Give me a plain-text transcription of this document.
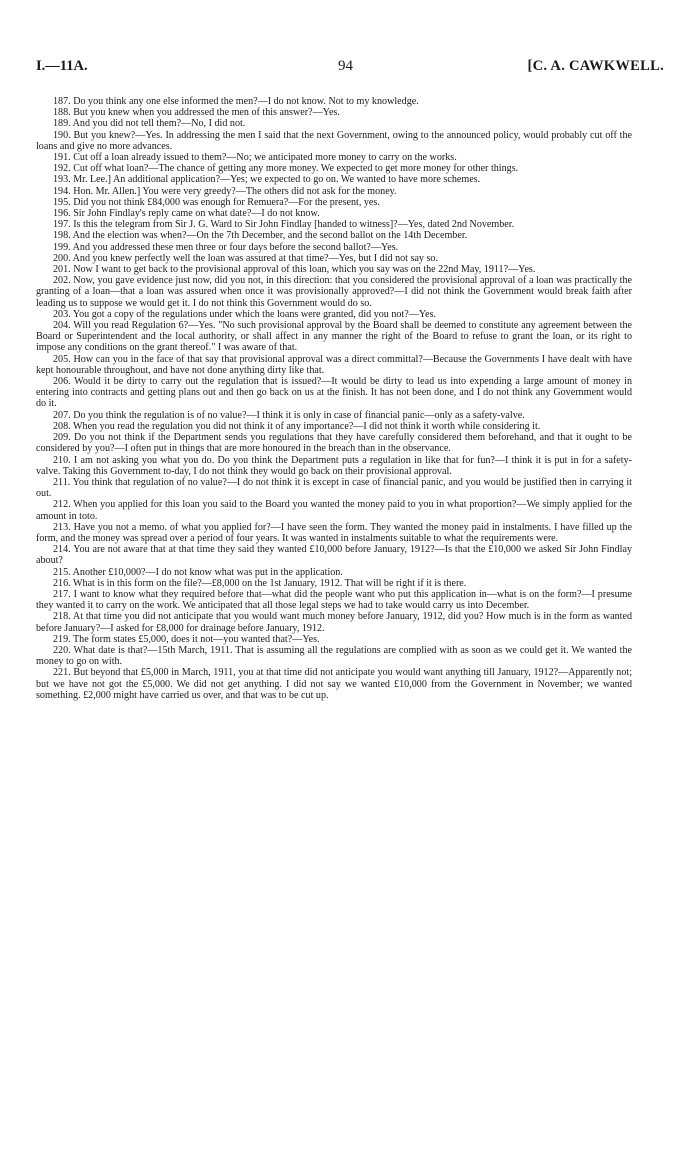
I.—11A.	94	[C. A. CAWKWELL.

187. Do you think any one else informed the men?—I do not know. Not to my knowledge.

188. But you knew when you addressed the men of this answer?—Yes.

189. And you did not tell them?—No, I did not.

190. But you knew?—Yes. In addressing the men I said that the next Government, owing to the announced policy, would probably cut off the loans and give no more advances.

191. Cut off a loan already issued to them?—No; we anticipated more money to carry on the works.

192. Cut off what loan?—The chance of getting any more money. We expected to get more money for other things.

193. Mr. Lee.] An additional application?—Yes; we expected to go on. We wanted to have more schemes.

194. Hon. Mr. Allen.] You were very greedy?—The others did not ask for the money.

195. Did you not think £84,000 was enough for Remuera?—For the present, yes.

196. Sir John Findlay's reply came on what date?—I do not know.

197. Is this the telegram from Sir J. G. Ward to Sir John Findlay [handed to witness]?—Yes, dated 2nd November.

198. And the election was when?—On the 7th December, and the second ballot on the 14th December.

199. And you addressed these men three or four days before the second ballot?—Yes.

200. And you knew perfectly well the loan was assured at that time?—Yes, but I did not say so.

201. Now I want to get back to the provisional approval of this loan, which you say was on the 22nd May, 1911?—Yes.

202. Now, you gave evidence just now, did you not, in this direction: that you considered the provisional approval of a loan was practically the granting of a loan—that a loan was assured when once it was provisionally approved?—I did not think the Government would break faith after leading us to suppose we would get it. I do not think this Government would do so.

203. You got a copy of the regulations under which the loans were granted, did you not?—Yes.

204. Will you read Regulation 6?—Yes. "No such provisional approval by the Board shall be deemed to constitute any agreement between the Board or Superintendent and the local authority, or shall affect in any manner the right of the Board to refuse to grant the loan, or its right to impose any conditions on the grant thereof." I was aware of that.

205. How can you in the face of that say that provisional approval was a direct committal?—Because the Governments I have dealt with have kept honourable throughout, and have not done anything dirty like that.

206. Would it be dirty to carry out the regulation that is issued?—It would be dirty to lead us into expending a large amount of money in entering into contracts and getting plans out and then go back on us at the finish. It has not been done, and I do not think any Government would do it.

207. Do you think the regulation is of no value?—I think it is only in case of financial panic—only as a safety-valve.

208. When you read the regulation you did not think it of any importance?—I did not think it worth while considering it.

209. Do you not think if the Department sends you regulations that they have carefully considered them beforehand, and that it ought to be considered by you?—I often put in things that are more honoured in the breach than in the observance.

210. I am not asking you what you do. Do you think the Department puts a regulation in like that for fun?—I think it is put in for a safety-valve. Taking this Government to-day, I do not think they would go back on their provisional approval.

211. You think that regulation of no value?—I do not think it is except in case of financial panic, and you would be justified then in carrying it out.

212. When you applied for this loan you said to the Board you wanted the money paid to you in what proportion?—We simply applied for the amount in toto.

213. Have you not a memo. of what you applied for?—I have seen the form. They wanted the money paid in instalments. I have filled up the form, and the money was spread over a period of four years. It was wanted in instalments suitable to what the requirements were.

214. You are not aware that at that time they said they wanted £10,000 before January, 1912?—Is that the £10,000 we asked Sir John Findlay about?

215. Another £10,000?—I do not know what was put in the application.

216. What is in this form on the file?—£8,000 on the 1st January, 1912. That will be right if it is there.

217. I want to know what they required before that—what did the people want who put this application in—what is on the form?—I presume they wanted it to carry on the work. We anticipated that all those legal steps we had to take would carry us into December.

218. At that time you did not anticipate that you would want much money before January, 1912, did you? How much is in the form as wanted before January?—I asked for £8,000 for drainage before January, 1912.

219. The form states £5,000, does it not—you wanted that?—Yes.

220. What date is that?—15th March, 1911. That is assuming all the regulations are complied with as soon as we could get it. We wanted the money to go on with.

221. But beyond that £5,000 in March, 1911, you at that time did not anticipate you would want anything till January, 1912?—Apparently not; but we have not got the £5,000. We did not get anything. I did not say we wanted £10,000 from the Government in November; we wanted something. £2,000 might have carried us over, and that was to be cut up.
